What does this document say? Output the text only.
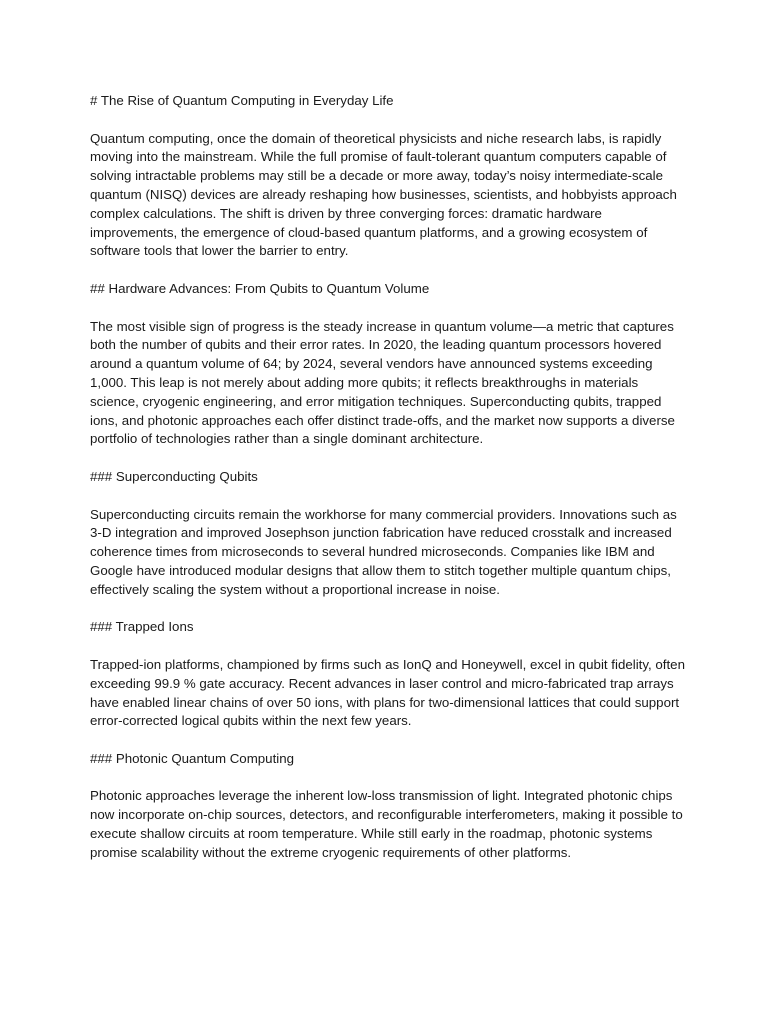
# The Rise of Quantum Computing in Everyday Life

Quantum computing, once the domain of theoretical physicists and niche research labs, is rapidly moving into the mainstream. While the full promise of fault-tolerant quantum computers capable of solving intractable problems may still be a decade or more away, today’s noisy intermediate-scale quantum (NISQ) devices are already reshaping how businesses, scientists, and hobbyists approach complex calculations. The shift is driven by three converging forces: dramatic hardware improvements, the emergence of cloud-based quantum platforms, and a growing ecosystem of software tools that lower the barrier to entry.

## Hardware Advances: From Qubits to Quantum Volume

The most visible sign of progress is the steady increase in quantum volume—a metric that captures both the number of qubits and their error rates. In 2020, the leading quantum processors hovered around a quantum volume of 64; by 2024, several vendors have announced systems exceeding 1,000. This leap is not merely about adding more qubits; it reflects breakthroughs in materials science, cryogenic engineering, and error mitigation techniques. Superconducting qubits, trapped ions, and photonic approaches each offer distinct trade-offs, and the market now supports a diverse portfolio of technologies rather than a single dominant architecture.

### Superconducting Qubits

Superconducting circuits remain the workhorse for many commercial providers. Innovations such as 3-D integration and improved Josephson junction fabrication have reduced crosstalk and increased coherence times from microseconds to several hundred microseconds. Companies like IBM and Google have introduced modular designs that allow them to stitch together multiple quantum chips, effectively scaling the system without a proportional increase in noise.

### Trapped Ions

Trapped-ion platforms, championed by firms such as IonQ and Honeywell, excel in qubit fidelity, often exceeding 99.9 % gate accuracy. Recent advances in laser control and micro-fabricated trap arrays have enabled linear chains of over 50 ions, with plans for two-dimensional lattices that could support error-corrected logical qubits within the next few years.

### Photonic Quantum Computing

Photonic approaches leverage the inherent low-loss transmission of light. Integrated photonic chips now incorporate on-chip sources, detectors, and reconfigurable interferometers, making it possible to execute shallow circuits at room temperature. While still early in the roadmap, photonic systems promise scalability without the extreme cryogenic requirements of other platforms.
